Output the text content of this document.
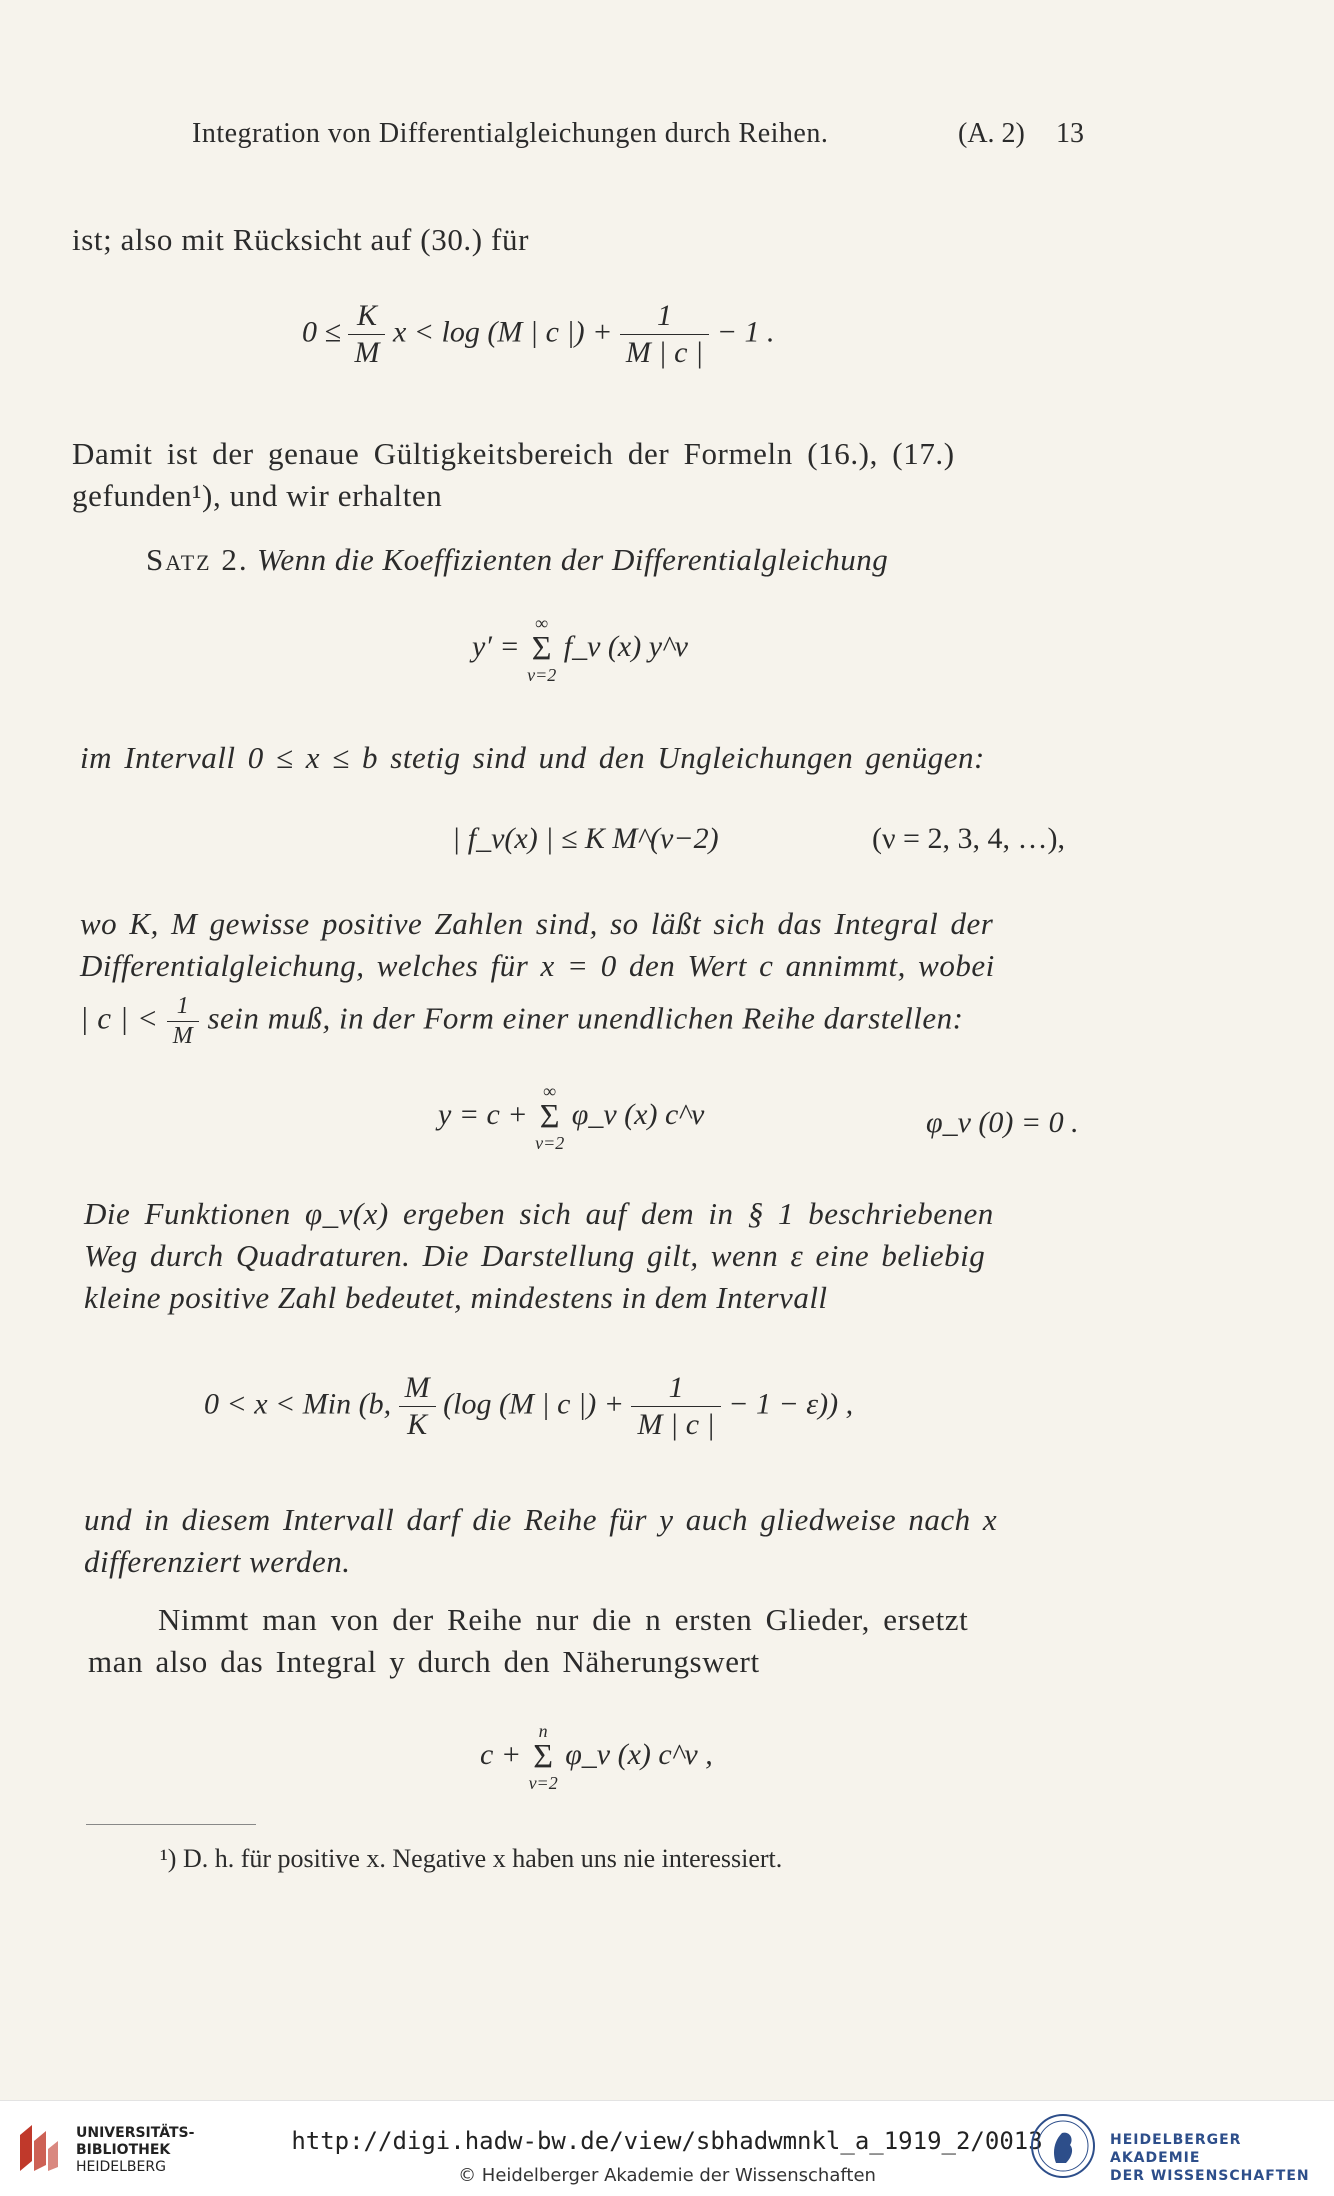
Integration von Differentialgleichungen durch Reihen.	(A. 2) 13
ist; also mit Rücksicht auf (30.) für
$0 \le \frac{K}{M}$ x < log (M | c |) + $\frac{1}{M | c |} - 1$ .
Damit ist der genaue Gültigkeitsbereich der Formeln (16.), (17.)
gefunden¹), und wir erhalten
Satz 2. Wenn die Koeffizienten der Differentialgleichung
y′ =
∞
Σ
ν=2
f_ν (x) y^ν
im Intervall 0 ≤ x ≤ b stetig sind und den Ungleichungen genügen:
| f_ν(x) | ≤ K M^(ν−2)	(ν = 2, 3, 4, …),
wo K, M gewisse positive Zahlen sind, so läßt sich das Integral der
Differentialgleichung, welches für x = 0 den Wert c annimmt, wobei
| c | < $\frac{1}{M}$ sein muß, in der Form einer unendlichen Reihe darstellen:
y = c +
∞
Σ
ν=2
φ_ν (x) c^ν	φ_ν (0) = 0 .
Die Funktionen φ_ν(x) ergeben sich auf dem in § 1 beschriebenen
Weg durch Quadraturen. Die Darstellung gilt, wenn ε eine beliebig
kleine positive Zahl bedeutet, mindestens in dem Intervall
0 < x < Min (b, $\frac{M}{K} (\log$ (M | c |) + $\frac{1}{M | c |} - 1 - \varepsilon$)) ,
und in diesem Intervall darf die Reihe für y auch gliedweise nach x
differenziert werden.
Nimmt man von der Reihe nur die n ersten Glieder, ersetzt
man also das Integral y durch den Näherungswert
c +
n
Σ
ν=2
φ_ν (x) c^ν ,
¹) D. h. für positive x. Negative x haben uns nie interessiert.
UNIVERSITÄTS-
BIBLIOTHEK
HEIDELBERG
http://digi.hadw-bw.de/view/sbhadwmnkl_a_1919_2/0013
© Heidelberger Akademie der Wissenschaften
HEIDELBERGER AKADEMIE
DER WISSENSCHAFTEN
